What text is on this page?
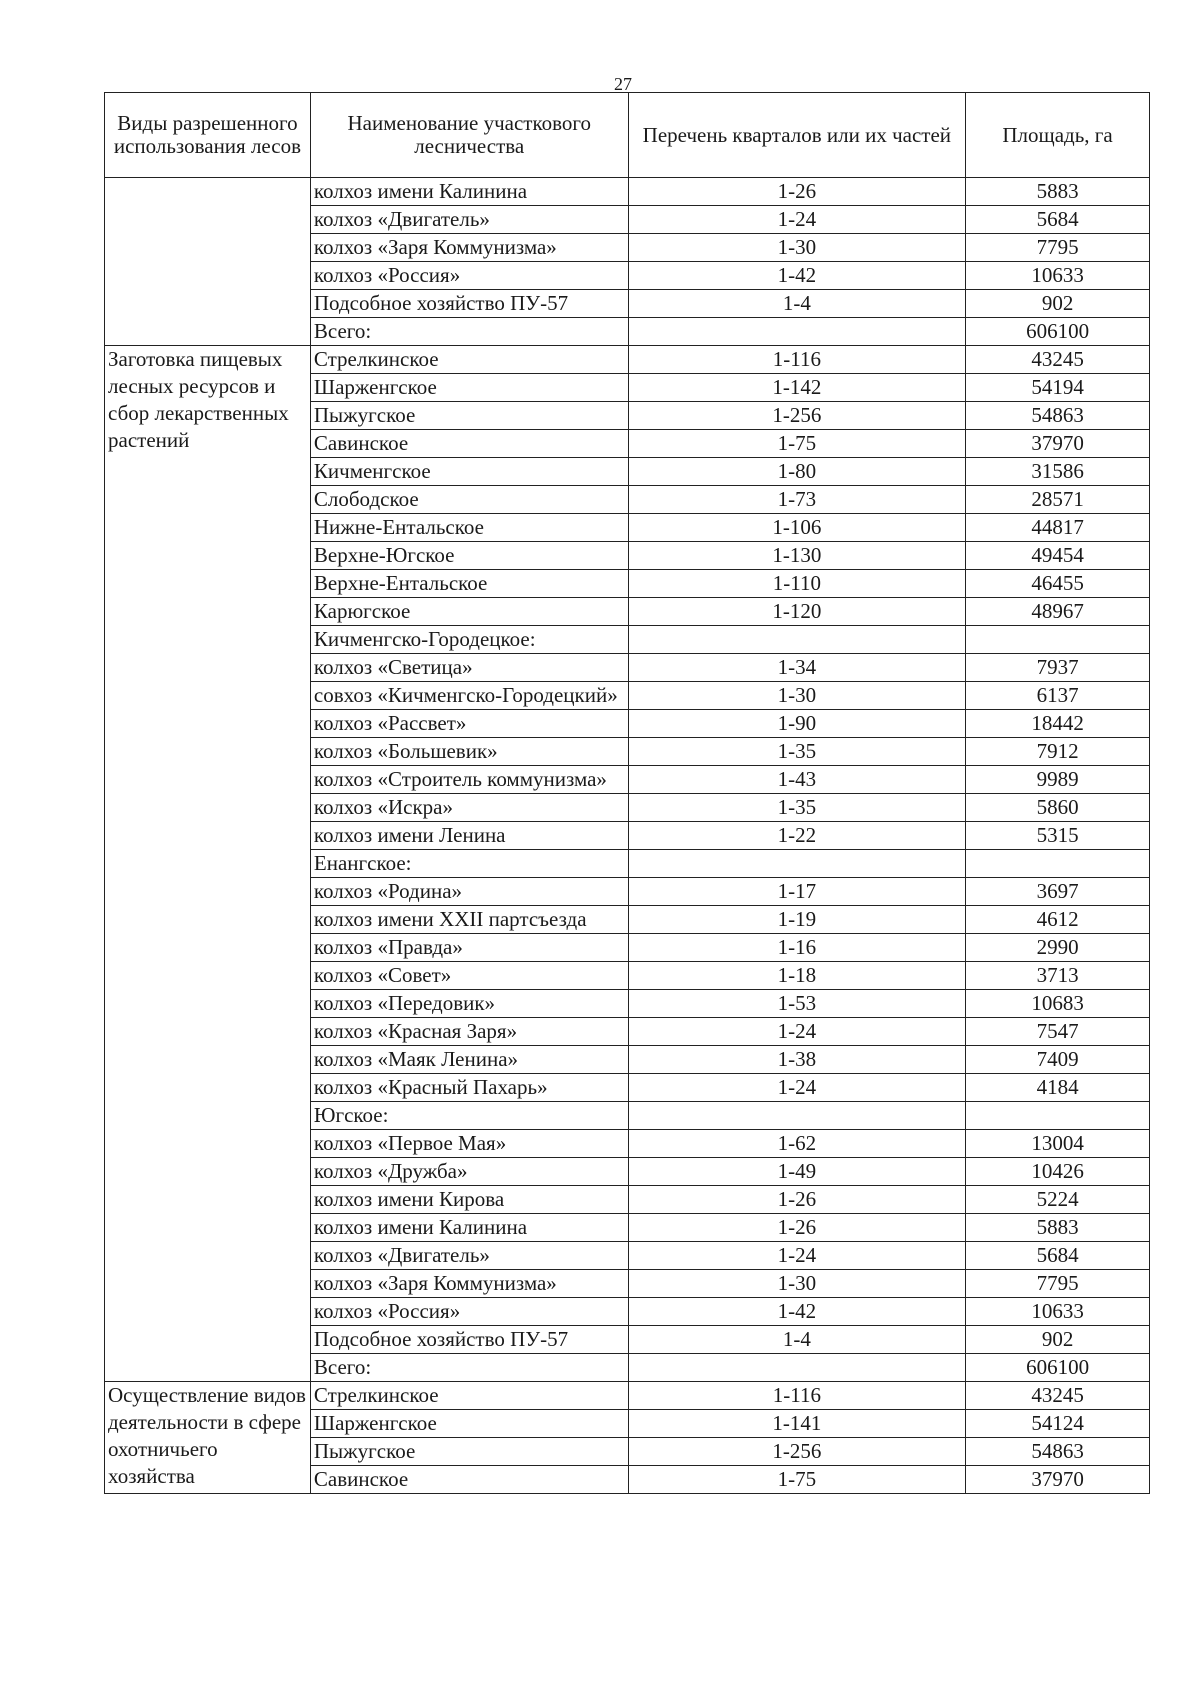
27
Виды разрешенного использования лесов	Наименование участкового лесничества	Перечень кварталов или их частей	Площадь, га
	колхоз имени Калинина	1-26	5883
	колхоз «Двигатель»	1-24	5684
	колхоз «Заря Коммунизма»	1-30	7795
	колхоз «Россия»	1-42	10633
	Подсобное хозяйство ПУ-57	1-4	902
	Всего:		606100
Заготовка пищевых лесных ресурсов и сбор лекарственных растений	Стрелкинское	1-116	43245
	Шарженгское	1-142	54194
	Пыжугское	1-256	54863
	Савинское	1-75	37970
	Кичменгское	1-80	31586
	Слободское	1-73	28571
	Нижне-Ентальское	1-106	44817
	Верхне-Югское	1-130	49454
	Верхне-Ентальское	1-110	46455
	Карюгское	1-120	48967
	Кичменгско-Городецкое:		
	колхоз «Светица»	1-34	7937
	совхоз «Кичменгско-Городецкий»	1-30	6137
	колхоз «Рассвет»	1-90	18442
	колхоз «Большевик»	1-35	7912
	колхоз «Строитель коммунизма»	1-43	9989
	колхоз «Искра»	1-35	5860
	колхоз имени Ленина	1-22	5315
	Енангское:		
	колхоз «Родина»	1-17	3697
	колхоз имени XXII партсъезда	1-19	4612
	колхоз «Правда»	1-16	2990
	колхоз «Совет»	1-18	3713
	колхоз «Передовик»	1-53	10683
	колхоз «Красная Заря»	1-24	7547
	колхоз «Маяк Ленина»	1-38	7409
	колхоз «Красный Пахарь»	1-24	4184
	Югское:		
	колхоз «Первое Мая»	1-62	13004
	колхоз «Дружба»	1-49	10426
	колхоз имени Кирова	1-26	5224
	колхоз имени Калинина	1-26	5883
	колхоз «Двигатель»	1-24	5684
	колхоз «Заря Коммунизма»	1-30	7795
	колхоз «Россия»	1-42	10633
	Подсобное хозяйство ПУ-57	1-4	902
	Всего:		606100
Осуществление видов деятельности в сфере охотничьего хозяйства	Стрелкинское	1-116	43245
	Шарженгское	1-141	54124
	Пыжугское	1-256	54863
	Савинское	1-75	37970
